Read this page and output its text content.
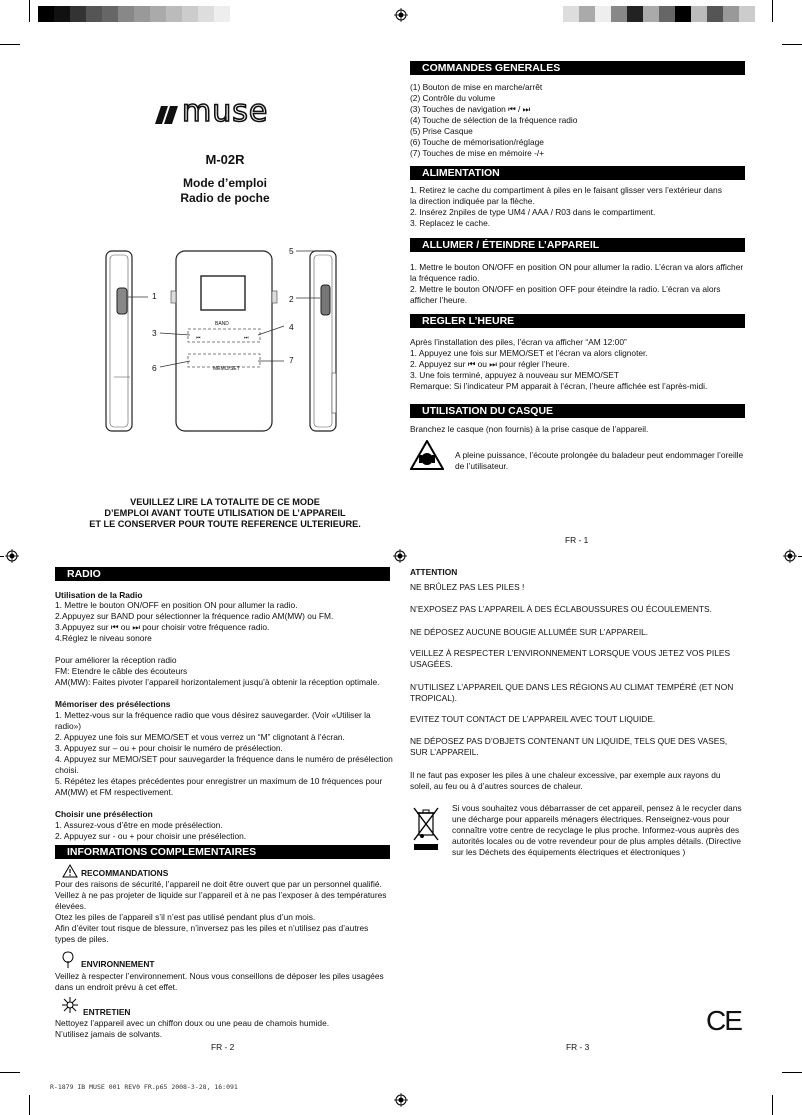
muse
M-02R
Mode d’emploi
Radio de poche
⏮	⏭
BAND
MEMO/SET
1	2
3
4
5
6
7
VEUILLEZ LIRE LA TOTALITE DE CE MODE
D’EMPLOI AVANT TOUTE UTILISATION DE L’APPAREIL
ET LE CONSERVER POUR TOUTE REFERENCE ULTERIEURE.
FR - 1
COMMANDES GENERALES
(1) Bouton de mise en marche/arrêt
(2) Contrôle du volume
(3) Touches de navigation ⏮ / ⏭
(4) Touche de sélection de la fréquence radio
(5) Prise Casque
(6) Touche de mémorisation/réglage
(7) Touches de mise en mémoire -/+
ALIMENTATION
1. Retirez le cache du compartiment à piles en le faisant glisser vers l’extérieur dans
la direction indiquée par la flèche.
2. Insérez 2npiles de type UM4 / AAA / R03 dans le compartiment.
3. Replacez le cache.
ALLUMER / ÉTEINDRE L’APPAREIL
1. Mettre le bouton ON/OFF en position ON pour allumer la radio. L’écran va alors afficher
la fréquence radio.
2. Mettre le bouton ON/OFF en position OFF pour éteindre la radio. L’écran va alors
afficher l’heure.
REGLER L’HEURE
Après l’installation des piles, l’écran va afficher “AM 12:00”
1. Appuyez une fois sur MEMO/SET et l’écran va alors clignoter.
2. Appuyez sur ⏮ ou ⏭ pour régler l’heure.
3. Une fois terminé, appuyez à nouveau sur MEMO/SET
Remarque: Si l’indicateur PM apparait à l’écran, l’heure affichée est l’après-midi.
UTILISATION DU CASQUE
Branchez le casque (non fournis) à la prise casque de l’appareil.
A pleine puissance, l’écoute prolongée du baladeur peut endommager l’oreille
de l’utilisateur.
RADIO
Utilisation de la Radio
1. Mettre le bouton ON/OFF en position ON pour allumer la radio.
2.Appuyez sur BAND pour sélectionner la fréquence radio AM(MW) ou FM.
3.Appuyez sur ⏮ ou ⏭ pour choisir votre fréquence radio.
4.Réglez le niveau sonore
Pour améliorer la réception radio
FM: Etendre le câble des écouteurs
AM(MW): Faites pivoter l’appareil horizontalement jusqu’à obtenir la réception optimale.
Mémoriser des présélections
1. Mettez-vous sur la fréquence radio que vous désirez sauvegarder. (Voir «Utiliser la
radio»)
2. Appuyez une fois sur MEMO/SET et vous verrez un “M” clignotant à l’écran.
3. Appuyez sur – ou + pour choisir le numéro de présélection.
4. Appuyez sur MEMO/SET pour sauvegarder la fréquence dans le numéro de présélection
choisi.
5. Répétez les étapes précédentes pour enregistrer un maximum de 10 fréquences pour
AM(MW) et FM respectivement.
Choisir une présélection
1. Assurez-vous d’être en mode présélection.
2. Appuyez sur - ou + pour choisir une présélection.
INFORMATIONS COMPLEMENTAIRES
RECOMMANDATIONS
Pour des raisons de sécurité, l’appareil ne doit être ouvert que par un personnel qualifié.
Veillez à ne pas projeter de liquide sur l’appareil et à ne pas l’exposer à des températures
élevées.
Otez les piles de l’appareil s’il n’est pas utilisé pendant plus d’un mois.
Afin d’éviter tout risque de blessure, n’inversez pas les piles et n’utilisez pas d’autres
types de piles.
ENVIRONNEMENT
Veillez à respecter l’environnement. Nous vous conseillons de déposer les piles usagées
dans un endroit prévu à cet effet.
ENTRETIEN
Nettoyez l’appareil avec un chiffon doux ou une peau de chamois humide.
N’utilisez jamais de solvants.
FR - 2
ATTENTION
NE BRÛLEZ PAS LES PILES !
N’EXPOSEZ PAS L’APPAREIL À DES ÉCLABOUSSURES OU ÉCOULEMENTS.
NE DÉPOSEZ AUCUNE BOUGIE ALLUMÉE SUR L’APPAREIL.
VEILLEZ À RESPECTER L’ENVIRONNEMENT LORSQUE VOUS JETEZ VOS PILES
USAGÉES.
N’UTILISEZ L’APPAREIL QUE DANS LES RÉGIONS AU CLIMAT TEMPÉRÉ (ET NON
TROPICAL).
EVITEZ TOUT CONTACT DE L’APPAREIL AVEC TOUT LIQUIDE.
NE DÉPOSEZ PAS D’OBJETS CONTENANT UN LIQUIDE, TELS QUE DES VASES,
SUR L’APPAREIL.
Il ne faut pas exposer les piles à une chaleur excessive, par exemple aux rayons du
soleil, au feu ou à d’autres sources de chaleur.
Si vous souhaitez vous débarrasser de cet appareil, pensez à le recycler dans
une décharge pour appareils ménagers électriques. Renseignez-vous pour
connaître votre centre de recyclage le plus proche. Informez-vous auprès des
autorités locales ou de votre revendeur pour de plus amples détails. (Directive
sur les Déchets des équipements électriques et électroniques )
CE
FR - 3
R-1879 IB MUSE 001 REV0 FR.p65 2008-3-28, 16:091
